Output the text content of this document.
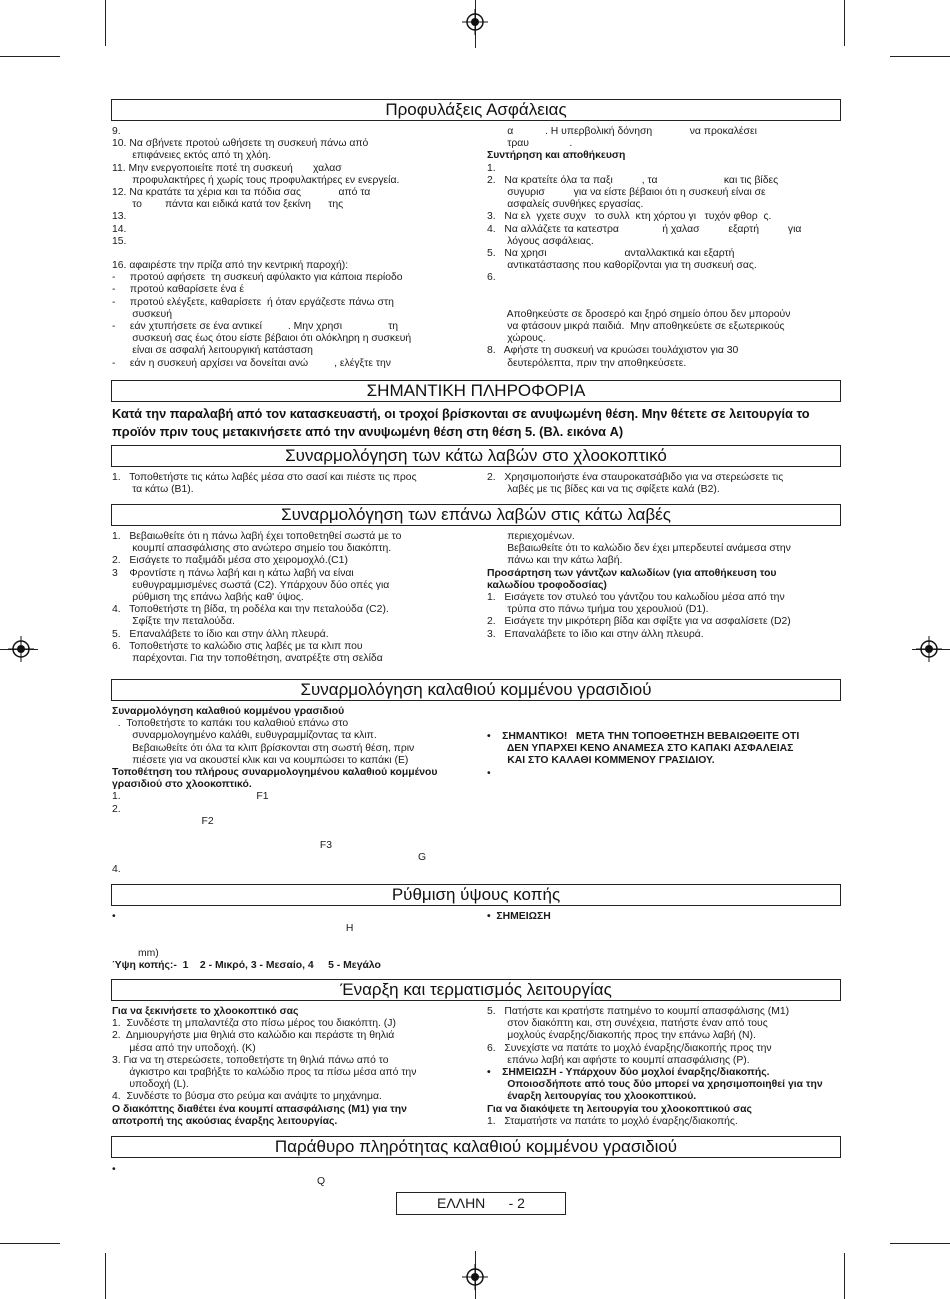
Προφυλάξεις Ασφάλειας
9.
10. Να σβήνετε προτού ωθήσετε τη συσκευή πάνω από
επιφάνειες εκτός από τη χλόη.
11. Μην ενεργοποιείτε ποτέ τη συσκευή       χαλασ
προφυλακτήρες ή χωρίς τους προφυλακτήρες εν ενεργεία.
12. Να κρατάτε τα χέρια και τα πόδια σας             από τα
το        πάντα και ειδικά κατά τον ξεκίνη      της
13.
14.
15.
16. αφαιρέστε την πρίζα από την κεντρική παροχή):
-     προτού αφήσετε  τη συσκευή αφύλακτο για κάποια περίοδο
-     προτού καθαρίσετε ένα έ
-     προτού ελέγξετε, καθαρίσετε  ή όταν εργάζεστε πάνω στη
συσκευή
-     εάν χτυπήσετε σε ένα αντικεί         . Μην χρησι                τη
συσκευή σας έως ότου είστε βέβαιοι ότι ολόκληρη η συσκευή
είναι σε ασφαλή λειτουργική κατάσταση
-     εάν η συσκευή αρχίσει να δονείται ανώ         , ελέγξτε την
α           . Η υπερβολική δόνηση             να προκαλέσει
τραυ              .
Συντήρηση και αποθήκευση
1.
2.   Να κρατείτε όλα τα παξι          , τα                       και τις βίδες
συγυρισ          για να είστε βέβαιοι ότι η συσκευή είναι σε
ασφαλείς συνθήκες εργασίας.
3.   Να ελ  γχετε συχν   το συλλ  κτη χόρτου γι   τυχόν φθορ  ς.
4.   Να αλλάζετε τα κατεστρα               ή χαλασ          εξαρτή          για
λόγους ασφάλειας.
5.   Να χρησι                           ανταλλακτικά και εξαρτή
αντικατάστασης που καθορίζονται για τη συσκευή σας.
6.
Αποθηκεύστε σε δροσερό και ξηρό σημείο όπου δεν μπορούν
να φτάσουν μικρά παιδιά.  Μην αποθηκεύετε σε εξωτερικούς
χώρους.
8.   Αφήστε τη συσκευή να κρυώσει τουλάχιστον για 30
δευτερόλεπτα, πριν την αποθηκεύσετε.
ΣΗΜΑΝΤΙΚΗ ΠΛΗΡΟΦΟΡΙΑ
Κατά την παραλαβή από τον κατασκευαστή, οι τροχοί βρίσκονται σε ανυψωμένη θέση. Μην θέτετε σε λειτουργία το προϊόν πριν τους μετακινήσετε από την ανυψωμένη θέση στη θέση 5. (Βλ. εικόνα A)
Συναρμολόγηση των κάτω λαβών στο χλοοκοπτικό
1.   Τοποθετήστε τις κάτω λαβές μέσα στο σασί και πιέστε τις προς
τα κάτω (B1).
2.   Χρησιμοποιήστε ένα σταυροκατσάβιδο για να στερεώσετε τις
λαβές με τις βίδες και να τις σφίξετε καλά (B2).
Συναρμολόγηση των επάνω λαβών στις κάτω λαβές
1.   Βεβαιωθείτε ότι η πάνω λαβή έχει τοποθετηθεί σωστά με το
κουμπί απασφάλισης στο ανώτερο σημείο του διακόπτη.
2.   Εισάγετε το παξιμάδι μέσα στο χειρομοχλό.(C1)
3    Φροντίστε η πάνω λαβή και η κάτω λαβή να είναι
ευθυγραμμισμένες σωστά (C2). Υπάρχουν δύο οπές για
ρύθμιση της επάνω λαβής καθ' ύψος.
4.   Τοποθετήστε τη βίδα, τη ροδέλα και την πεταλούδα (C2).
Σφίξτε την πεταλούδα.
5.   Επαναλάβετε το ίδιο και στην άλλη πλευρά.
6.   Τοποθετήστε το καλώδιο στις λαβές με τα κλιπ που
παρέχονται. Για την τοποθέτηση, ανατρέξτε στη σελίδα
περιεχομένων.
Βεβαιωθείτε ότι το καλώδιο δεν έχει μπερδευτεί ανάμεσα στην
πάνω και την κάτω λαβή.
Προσάρτηση των γάντζων καλωδίων (για αποθήκευση του
καλωδίου τροφοδοσίας)
1.   Εισάγετε τον στυλεό του γάντζου του καλωδίου μέσα από την
τρύπα στο πάνω τμήμα του χερουλιού (D1).
2.   Εισάγετε την μικρότερη βίδα και σφίξτε για να ασφαλίσετε (D2)
3.   Επαναλάβετε το ίδιο και στην άλλη πλευρά.
Συναρμολόγηση καλαθιού κομμένου γρασιδιού
Συναρμολόγηση καλαθιού κομμένου γρασιδιού
.  Τοποθετήστε το καπάκι του καλαθιού επάνω στο
συναρμολογημένο καλάθι, ευθυγραμμίζοντας τα κλιπ.
Βεβαιωθείτε ότι όλα τα κλιπ βρίσκονται στη σωστή θέση, πριν
πιέσετε για να ακουστεί κλικ και να κουμπώσει το καπάκι (E)
Τοποθέτηση του πλήρους συναρμολογημένου καλαθιού κομμένου
γρασιδιού στο χλοοκοπτικό.
1.                                               F1
2.
F2
F3
G
4.
•    ΣΗΜΑΝΤΙΚΟ!   ΜΕΤΑ ΤΗΝ ΤΟΠΟΘΕΤΗΣΗ ΒΕΒΑΙΩΘΕΙΤΕ ΟΤΙ
ΔΕΝ ΥΠΑΡΧΕΙ ΚΕΝΟ ΑΝΑΜΕΣΑ ΣΤΟ ΚΑΠΑΚΙ ΑΣΦΑΛΕΙΑΣ
ΚΑΙ ΣΤΟ ΚΑΛΑΘΙ ΚΟΜΜΕΝΟΥ ΓΡΑΣΙΔΙΟΥ.
•
Ρύθμιση ύψους κοπής
•
H
mm)
Ύψη κοπής:-  1    2 - Μικρό, 3 - Μεσαίο, 4     5 - Μεγάλο
•  ΣΗΜΕΙΩΣΗ
Έναρξη και τερματισμός λειτουργίας
Για να ξεκινήσετε το χλοοκοπτικό σας
1.  Συνδέστε τη μπαλαντέζα στο πίσω μέρος του διακόπτη. (J)
2.  Δημιουργήστε μια θηλιά στο καλώδιο και περάστε τη θηλιά
μέσα από την υποδοχή. (K)
3. Για να τη στερεώσετε, τοποθετήστε τη θηλιά πάνω από το
άγκιστρο και τραβήξτε το καλώδιο προς τα πίσω μέσα από την
υποδοχή (L).
4.  Συνδέστε το βύσμα στο ρεύμα και ανάψτε το μηχάνημα.
Ο διακόπτης διαθέτει ένα κουμπί απασφάλισης (M1) για την
αποτροπή της ακούσιας έναρξης λειτουργίας.
5.   Πατήστε και κρατήστε πατημένο το κουμπί απασφάλισης (M1)
στον διακόπτη και, στη συνέχεια, πατήστε έναν από τους
μοχλούς έναρξης/διακοπής προς την επάνω λαβή (N).
6.   Συνεχίστε να πατάτε το μοχλό έναρξης/διακοπής προς την
επάνω λαβή και αφήστε το κουμπί απασφάλισης (P).
•    ΣΗΜΕΙΩΣΗ - Υπάρχουν δύο μοχλοί έναρξης/διακοπής.
Οποιοσδήποτε από τους δύο μπορεί να χρησιμοποιηθεί για την
έναρξη λειτουργίας του χλοοκοπτικού.
Για να διακόψετε τη λειτουργία του χλοοκοπτικού σας
1.   Σταματήστε να πατάτε το μοχλό έναρξης/διακοπής.
Παράθυρο πληρότητας καλαθιού κομμένου γρασιδιού
•
Q
ΕΛΛΗΝ      - 2
